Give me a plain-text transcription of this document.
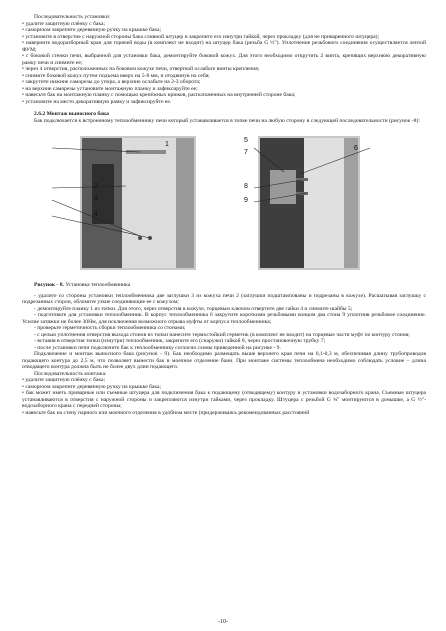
Последовательность установки:

• удалите защитную плёнку с бака;

• саморезом закрепите деревянную ручку на крышке бака;

• установите в отверстие с наружной стороны бака сливной штуцер и закрепите его изнутри гайкой, через прокладку (для не приваренного штуцера);

• наверните водоразборный кран для горячей воды (в комплект не входит) на штуцер бака (резьба G ½"). Уплотнение резьбового соединения осуществляется лентой ФУМ;

• с боковой стенки печи, выбранной для установки бака, демонтируйте боковой кожух. Для этого необходимо открутить 2 винта, крепящих верхнюю декоративную рамку печи и снимите ее;

• через 4 отверстия, расположенных на боковом кожухе печи, отверткой ослабьте винты крепления;

• снимите боковой кожух путем подъема вверх на 5-8 мм, и отодвинув на себя;

• закрутите нижние саморезы до упора, а верхние ослабьте на 2-3 оборота;

• на верхние саморезы установите монтажную планку и зафиксируйте ее;

• навесьте бак на монтажную планку с помощью крепёжных крюков, расположенных на внутренней стороне бака;

• установите на место декоративную рамку и зафиксируйте ее.

2.6.2 Монтаж выносного бака

Бак подключается к встроенному теплообменнику печи который устанавливается в топке печи на любую сторону в следующей последовательности (рисунок -8):

1
2
3
4
5
6
7
8
9

Рисунок - 8. Установка теплообменника

- удалите со стороны установки теплообменника две заглушки 3 из кожуха печи 2 (заглушки подштампованы и подрезаны в кожухе). Расшатывая заглушку с подрезанных сторон, обломите узкие соединяющие ее с кожухом;

- демонтируйте планку 1 из топки. Для этого, через отверстия в кожухе, торцевым ключом отвертите две гайки 4 и снимите шайбы 5;

- подготовьте для установки теплообменник. В корпус теплообменника 6 закрутите короткими резьбовыми концом два стона 9 уплотнив резьбовое соединение. Усилие затяжки не более 30Нм, для исключения возможного отрыва муфты от корпуса теплообменника;

- проверьте герметичность сборки теплообменника со стонами;

- с целью уплотнения отверстия выхода стонов из топки нанесите термостойкий герметик (в комплект не входит) на торцевые части муфт по контуру стонов;

- вставив в отверстия топки (изнутри) теплообменник, закрепите его (снаружи) гайкой 8, через простановочную трубку 7;

- после установки печи подключите бак к теплообменнику согласно схемы приведенной на рисунке - 9.

Подключение и монтаж выносного бака (рисунок - 9). Бак необходимо размещать выше верхнего края печи на 0,1-0,3 м, обеспечивая длину трубопроводов подающего контура до 2,5 м, что позволяет вынести бак в моечное отделение бани. При монтаже системы теплообмена необходимо соблюдать условие – длина отводящего контура должна быть не более двух длин подающего.

Последовательность монтажа:

• удалите защитную плёнку с бака;

• саморезом закрепите деревянную ручку на крышке бака;

• бак может иметь приварные или съемные штуцера для подключения бака к подающему (отводящему) контуру и установки водозаборного крана. Съемные штуцера устанавливаются в отверстия с наружной стороны и закрепляются изнутри гайками, через прокладку. Штуцера с резьбой G ¾" монтируются в донышке, а G ½"- водозаборного крана с передней стороны;

• навесьте бак на стену парного или моечного отделения в удобном месте (придерживаясь рекомендованных расстояний

-10-
